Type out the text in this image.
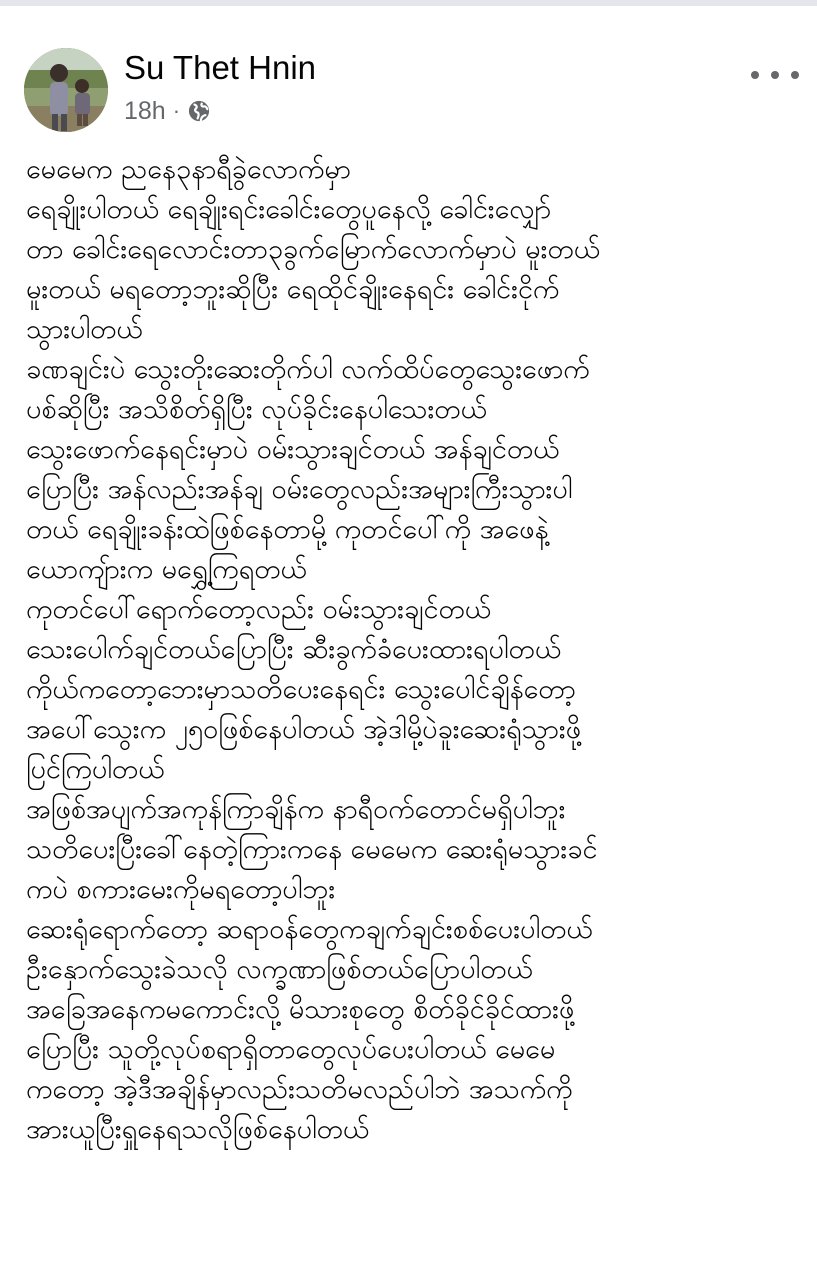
Su Thet Hnin
18h ·
မေမေက ညနေ၃နာရီခွဲလောက်မှာ
ရေချိုးပါတယ် ရေချိုးရင်းခေါင်းတွေပူနေလို့ ခေါင်းလျှော်
တာ ခေါင်းရေလောင်းတာ၃ခွက်မြောက်လောက်မှာပဲ မူးတယ်
မူးတယ် မရတော့ဘူးဆိုပြီး ရေထိုင်ချိုးနေရင်း ခေါင်းငိုက်
သွားပါတယ်
ခဏချင်းပဲ သွေးတိုးဆေးတိုက်ပါ လက်ထိပ်တွေသွေးဖောက်
ပစ်ဆိုပြီး အသိစိတ်ရှိပြီး လုပ်ခိုင်းနေပါသေးတယ်
သွေးဖောက်နေရင်းမှာပဲ ဝမ်းသွားချင်တယ် အန်ချင်တယ်
ပြောပြီး အန်လည်းအန်ချ ဝမ်းတွေလည်းအများကြီးသွားပါ
တယ် ရေချိုးခန်းထဲဖြစ်နေတာမို့ ကုတင်ပေါ်ကို အဖေနဲ့
ယောကျ်ားက မရွှေ့ကြရတယ်
ကုတင်ပေါ်ရောက်တော့လည်း ဝမ်းသွားချင်တယ်
သေးပေါက်ချင်တယ်ပြောပြီး ဆီးခွက်ခံပေးထားရပါတယ်
ကိုယ်ကတော့ဘေးမှာသတိပေးနေရင်း သွေးပေါင်ချိန်တော့
အပေါ်သွေးက ၂၅၀ဖြစ်နေပါတယ် အဲ့ဒါမို့ပဲခူးဆေးရုံသွားဖို့
ပြင်ကြပါတယ်
အဖြစ်အပျက်အကုန်ကြာချိန်က နာရီဝက်တောင်မရှိပါဘူး
သတိပေးပြီးခေါ်နေတဲ့ကြားကနေ မေမေက ဆေးရုံမသွားခင်
ကပဲ စကားမေးကိုမရတော့ပါဘူး
ဆေးရုံရောက်တော့ ဆရာဝန်တွေကချက်ချင်းစစ်ပေးပါတယ်
ဦးနှောက်သွေးခဲသလို လက္ခဏာဖြစ်တယ်ပြောပါတယ်
အခြေအနေကမကောင်းလို့ မိသားစုတွေ စိတ်ခိုင်ခိုင်ထားဖို့
ပြောပြီး သူတို့လုပ်စရာရှိတာတွေလုပ်ပေးပါတယ် မေမေ
ကတော့ အဲ့ဒီအချိန်မှာလည်းသတိမလည်ပါဘဲ အသက်ကို
အားယူပြီးရှူနေရသလိုဖြစ်နေပါတယ်
